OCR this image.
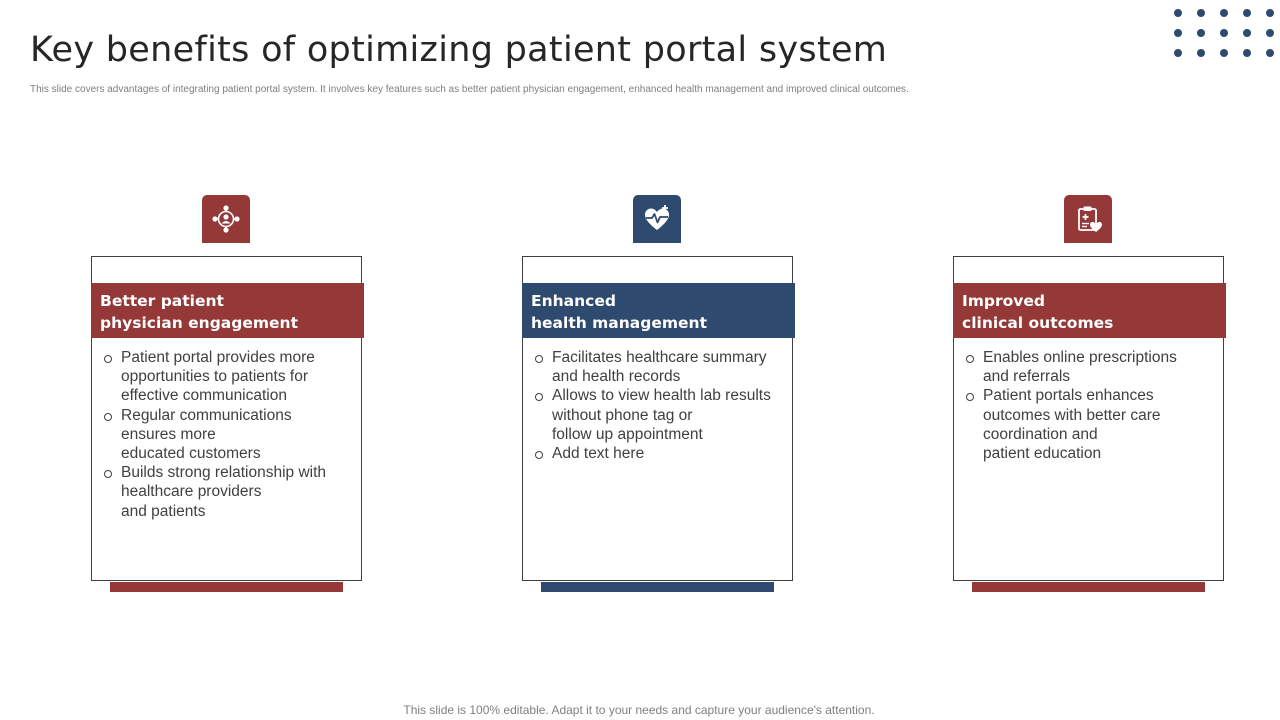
Key benefits of optimizing patient portal system

This slide covers advantages of integrating patient portal system. It involves key features such as better patient physician engagement, enhanced health management and improved clinical outcomes.

Better patient
physician engagement
Patient portal provides more
opportunities to patients for
effective communication
Regular communications
ensures more
educated customers
Builds strong relationship with
healthcare providers
and patients
Enhanced
health management
Facilitates healthcare summary
and health records
Allows to view health lab results
without phone tag or
follow up appointment
Add text here
Improved
clinical outcomes
Enables online prescriptions
and referrals
Patient portals enhances
outcomes with better care
coordination and
patient education

This slide is 100% editable. Adapt it to your needs and capture your audience's attention.
